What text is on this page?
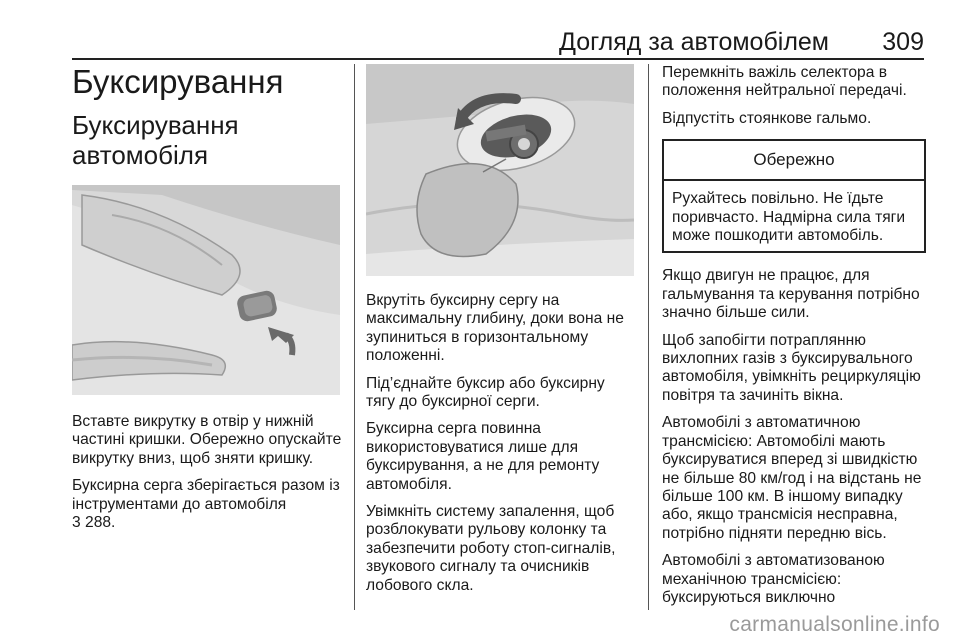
Догляд за автомобілем 309
Буксирування
Буксирування автомобіля

Вставте викрутку в отвір у нижній частині кришки. Обережно опускайте викрутку вниз, щоб зняти кришку.

Буксирна серга зберігається разом із інструментами до автомобіля
3 288.

Вкрутіть буксирну сергу на максимальну глибину, доки вона не зупиниться в горизонтальному положенні.

Під’єднайте буксир або буксирну тягу до буксирної серги.

Буксирна серга повинна використовуватися лише для буксирування, а не для ремонту автомобіля.

Увімкніть систему запалення, щоб розблокувати рульову колонку та забезпечити роботу стоп-сигналів, звукового сигналу та очисників лобового скла.

Перемкніть важіль селектора в положення нейтральної передачі.

Відпустіть стоянкове гальмо.

Обережно

Рухайтесь повільно. Не їдьте поривчасто. Надмірна сила тяги може пошкодити автомобіль.

Якщо двигун не працює, для гальмування та керування потрібно значно більше сили.

Щоб запобігти потраплянню вихлопних газів з буксирувального автомобіля, увімкніть рециркуляцію повітря та зачиніть вікна.

Автомобілі з автоматичною трансмісією: Автомобілі мають буксируватися вперед зі швидкістю не більше 80 км/год і на відстань не більше 100 км. В іншому випадку або, якщо трансмісія несправна, потрібно підняти передню вісь.

Автомобілі з автоматизованою механічною трансмісією: буксируються виключно

carmanualsonline.info
